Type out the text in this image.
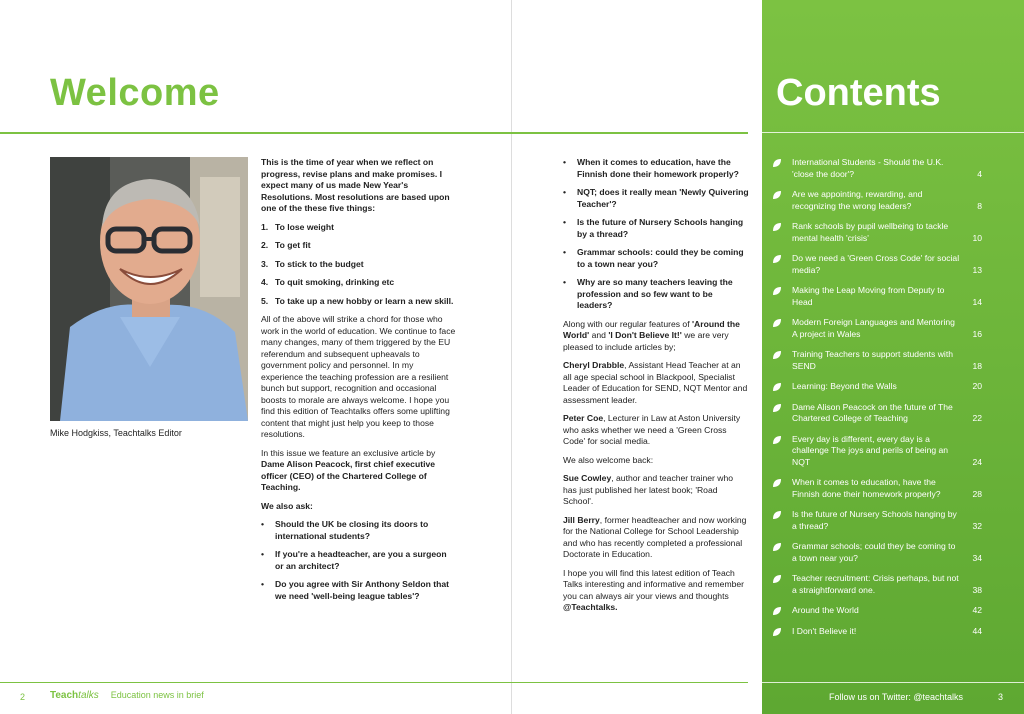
Welcome	Contents
Mike Hodgkiss, Teachtalks Editor

This is the time of year when we reflect on progress, revise plans and make promises. I expect many of us made New Year's Resolutions. Most resolutions are based upon one of the these five things:

1. To lose weight
2. To get fit
3. To stick to the budget
4. To quit smoking, drinking etc
5. To take up a new hobby or learn a new skill.

All of the above will strike a chord for those who work in the world of education. We continue to face many changes, many of them triggered by the EU referendum and subsequent upheavals to government policy and personnel. In my experience the teaching profession are a resilient bunch but support, recognition and occasional boosts to morale are always welcome. I hope you find this edition of Teachtalks offers some uplifting content that might just help you keep to those resolutions.

In this issue we feature an exclusive article by Dame Alison Peacock, first chief executive officer (CEO) of the Chartered College of Teaching.

We also ask:

•	Should the UK be closing its doors to international students?
•	If you're a headteacher, are you a surgeon or an architect?
•	Do you agree with Sir Anthony Seldon that we need 'well-being league tables'?
•	When it comes to education, have the Finnish done their homework properly?
•	NQT; does it really mean 'Newly Quivering Teacher'?
•	Is the future of Nursery Schools hanging by a thread?
•	Grammar schools: could they be coming to a town near you?
•	Why are so many teachers leaving the profession and so few want to be leaders?

Along with our regular features of 'Around the World' and 'I Don't Believe It!' we are very pleased to include articles by;

Cheryl Drabble, Assistant Head Teacher at an all age special school in Blackpool, Specialist Leader of Education for SEND, NQT Mentor and assessment leader.

Peter Coe, Lecturer in Law at Aston University who asks whether we need a 'Green Cross Code' for social media.

We also welcome back:

Sue Cowley, author and teacher trainer who has just published her latest book; 'Road School'.

Jill Berry, former headteacher and now working for the National College for School Leadership and who has recently completed a professional Doctorate in Education.

I hope you will find this latest edition of Teach Talks interesting and informative and remember you can always air your views and thoughts @Teachtalks.

International Students - Should the U.K. 'close the door'?	4
Are we appointing, rewarding, and recognizing the wrong leaders?	8
Rank schools by pupil wellbeing to tackle mental health 'crisis'	10
Do we need a 'Green Cross Code' for social media?	13
Making the Leap Moving from Deputy to Head	14
Modern Foreign Languages and Mentoring A project in Wales	16
Training Teachers to support students with SEND	18
Learning: Beyond the Walls	20
Dame Alison Peacock on the future of The Chartered College of Teaching	22
Every day is different, every day is a challenge The joys and perils of being an NQT	24
When it comes to education, have the Finnish done their homework properly?	28
Is the future of Nursery Schools hanging by a thread?	32
Grammar schools; could they be coming to a town near you?	34
Teacher recruitment: Crisis perhaps, but not a straightforward one.	38
Around the World	42
I Don't Believe it!	44
2 Teachtalks Education news in brief	Follow us on Twitter: @teachtalks	3
